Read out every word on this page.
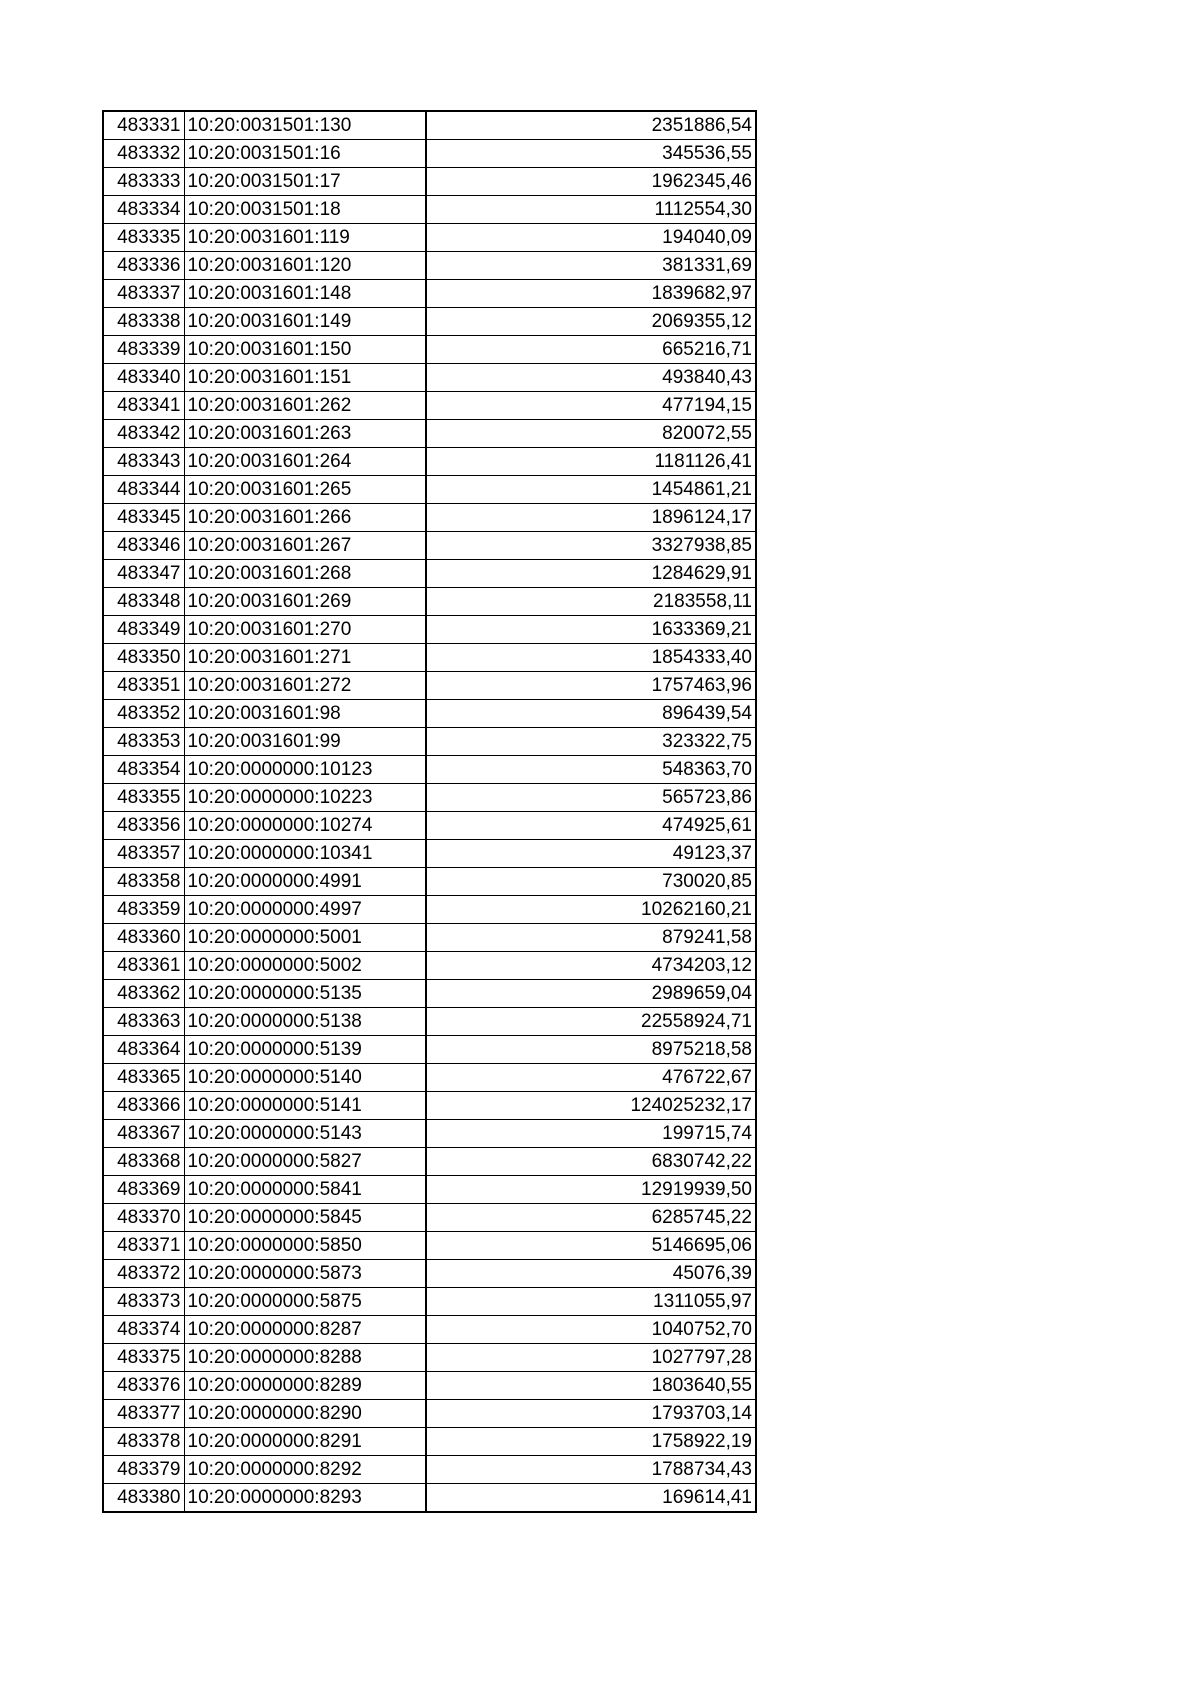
483331	10:20:0031501:130	2351886,54
483332	10:20:0031501:16	345536,55
483333	10:20:0031501:17	1962345,46
483334	10:20:0031501:18	1112554,30
483335	10:20:0031601:119	194040,09
483336	10:20:0031601:120	381331,69
483337	10:20:0031601:148	1839682,97
483338	10:20:0031601:149	2069355,12
483339	10:20:0031601:150	665216,71
483340	10:20:0031601:151	493840,43
483341	10:20:0031601:262	477194,15
483342	10:20:0031601:263	820072,55
483343	10:20:0031601:264	1181126,41
483344	10:20:0031601:265	1454861,21
483345	10:20:0031601:266	1896124,17
483346	10:20:0031601:267	3327938,85
483347	10:20:0031601:268	1284629,91
483348	10:20:0031601:269	2183558,11
483349	10:20:0031601:270	1633369,21
483350	10:20:0031601:271	1854333,40
483351	10:20:0031601:272	1757463,96
483352	10:20:0031601:98	896439,54
483353	10:20:0031601:99	323322,75
483354	10:20:0000000:10123	548363,70
483355	10:20:0000000:10223	565723,86
483356	10:20:0000000:10274	474925,61
483357	10:20:0000000:10341	49123,37
483358	10:20:0000000:4991	730020,85
483359	10:20:0000000:4997	10262160,21
483360	10:20:0000000:5001	879241,58
483361	10:20:0000000:5002	4734203,12
483362	10:20:0000000:5135	2989659,04
483363	10:20:0000000:5138	22558924,71
483364	10:20:0000000:5139	8975218,58
483365	10:20:0000000:5140	476722,67
483366	10:20:0000000:5141	124025232,17
483367	10:20:0000000:5143	199715,74
483368	10:20:0000000:5827	6830742,22
483369	10:20:0000000:5841	12919939,50
483370	10:20:0000000:5845	6285745,22
483371	10:20:0000000:5850	5146695,06
483372	10:20:0000000:5873	45076,39
483373	10:20:0000000:5875	1311055,97
483374	10:20:0000000:8287	1040752,70
483375	10:20:0000000:8288	1027797,28
483376	10:20:0000000:8289	1803640,55
483377	10:20:0000000:8290	1793703,14
483378	10:20:0000000:8291	1758922,19
483379	10:20:0000000:8292	1788734,43
483380	10:20:0000000:8293	169614,41
